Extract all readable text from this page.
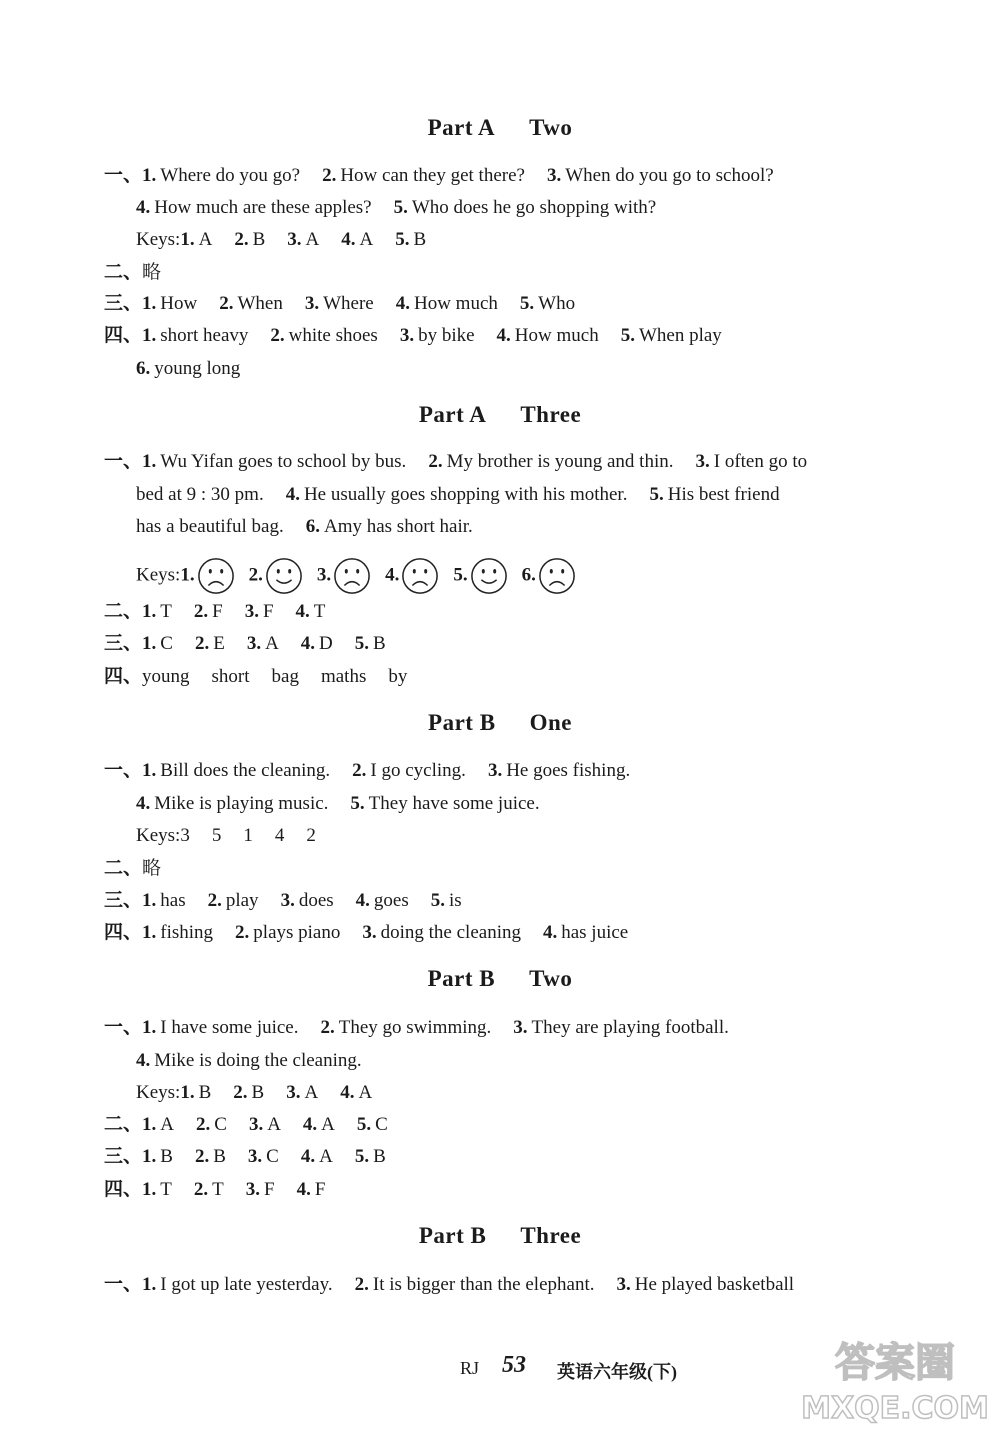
Part A Two
一、1. Where do you go? 2. How can they get there? 3. When do you go to school?
4. How much are these apples? 5. Who does he go shopping with?
Keys:1. A 2. B 3. A 4. A 5. B
二、略
三、1. How 2. When 3. Where 4. How much 5. Who
四、1. short heavy 2. white shoes 3. by bike 4. How much 5. When play
6. young long
Part A Three
一、1. Wu Yifan goes to school by bus. 2. My brother is young and thin. 3. I often go to
bed at 9 : 30 pm. 4. He usually goes shopping with his mother. 5. His best friend
has a beautiful bag. 6. Amy has short hair.
Keys:1.	2.	3.	4.	5.	6.
二、1. T 2. F 3. F 4. T
三、1. C 2. E 3. A 4. D 5. B
四、young short bag maths by
Part B One
一、1. Bill does the cleaning. 2. I go cycling. 3. He goes fishing.
4. Mike is playing music. 5. They have some juice.
Keys:3 5 1 4 2
二、略
三、1. has 2. play 3. does 4. goes 5. is
四、1. fishing 2. plays piano 3. doing the cleaning 4. has juice
Part B Two
一、1. I have some juice. 2. They go swimming. 3. They are playing football.
4. Mike is doing the cleaning.
Keys:1. B 2. B 3. A 4. A
二、1. A 2. C 3. A 4. A 5. C
三、1. B 2. B 3. C 4. A 5. B
四、1. T 2. T 3. F 4. F
Part B Three
一、1. I got up late yesterday. 2. It is bigger than the elephant. 3. He played basketball
RJ 53 英语六年级(下)	答案圈
MXQE.COM
